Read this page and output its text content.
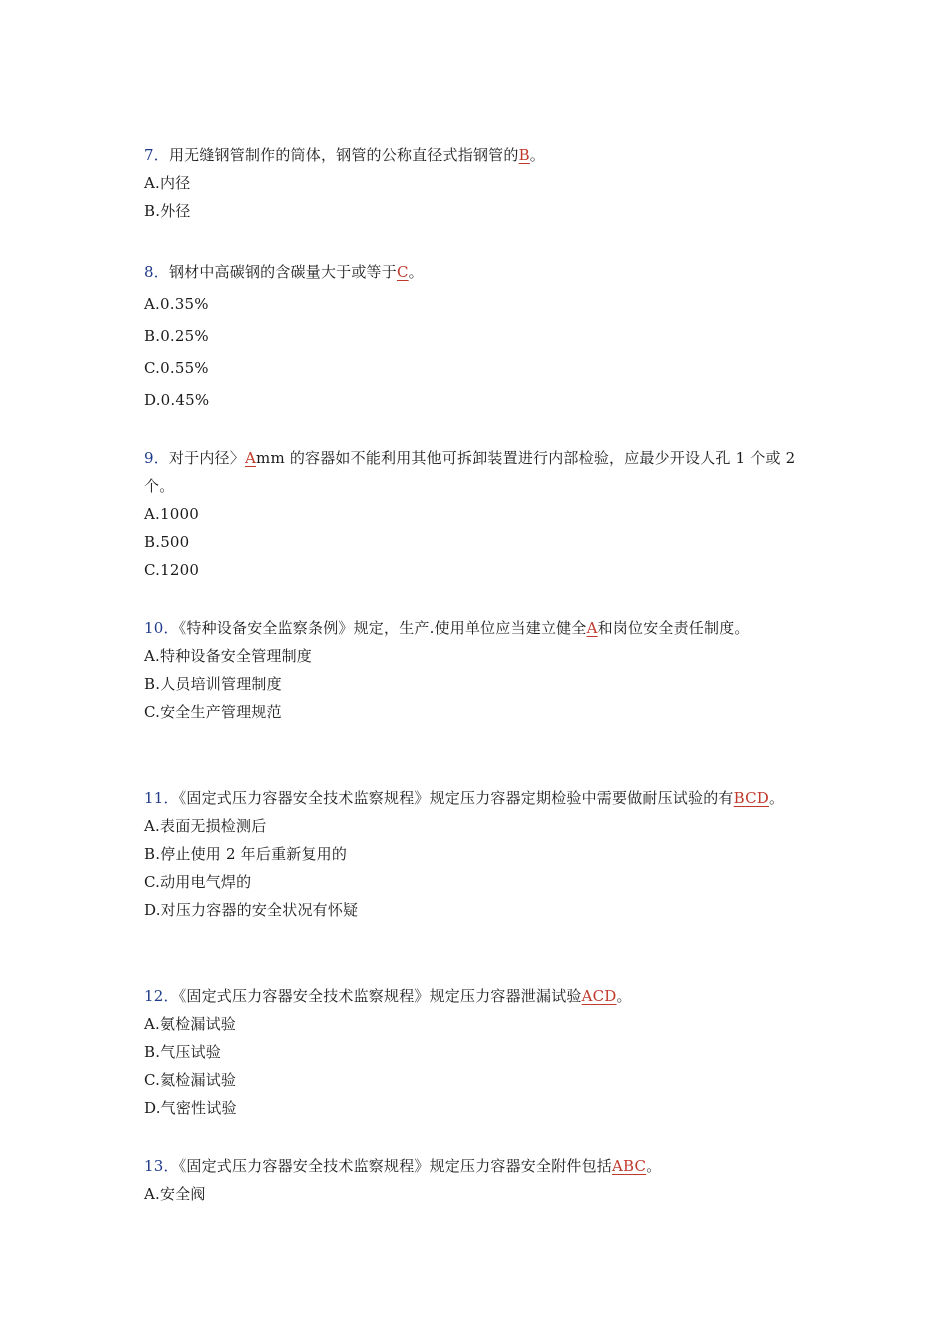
7．用无缝钢管制作的筒体，钢管的公称直径式指钢管的B。

A.内径

B.外径

8．钢材中高碳钢的含碳量大于或等于C。

A.0.35%

B.0.25%

C.0.55%

D.0.45%

9．对于内径〉Amm 的容器如不能利用其他可拆卸装置进行内部检验，应最少开设人孔 1 个或 2 个。

A.1000

B.500

C.1200

10．《特种设备安全监察条例》规定，生产.使用单位应当建立健全A和岗位安全责任制度。

A.特种设备安全管理制度

B.人员培训管理制度

C.安全生产管理规范

11．《固定式压力容器安全技术监察规程》规定压力容器定期检验中需要做耐压试验的有BCD。

A.表面无损检测后

B.停止使用 2 年后重新复用的

C.动用电气焊的

D.对压力容器的安全状况有怀疑

12．《固定式压力容器安全技术监察规程》规定压力容器泄漏试验ACD。

A.氨检漏试验

B.气压试验

C.氦检漏试验

D.气密性试验

13．《固定式压力容器安全技术监察规程》规定压力容器安全附件包括ABC。

A.安全阀
